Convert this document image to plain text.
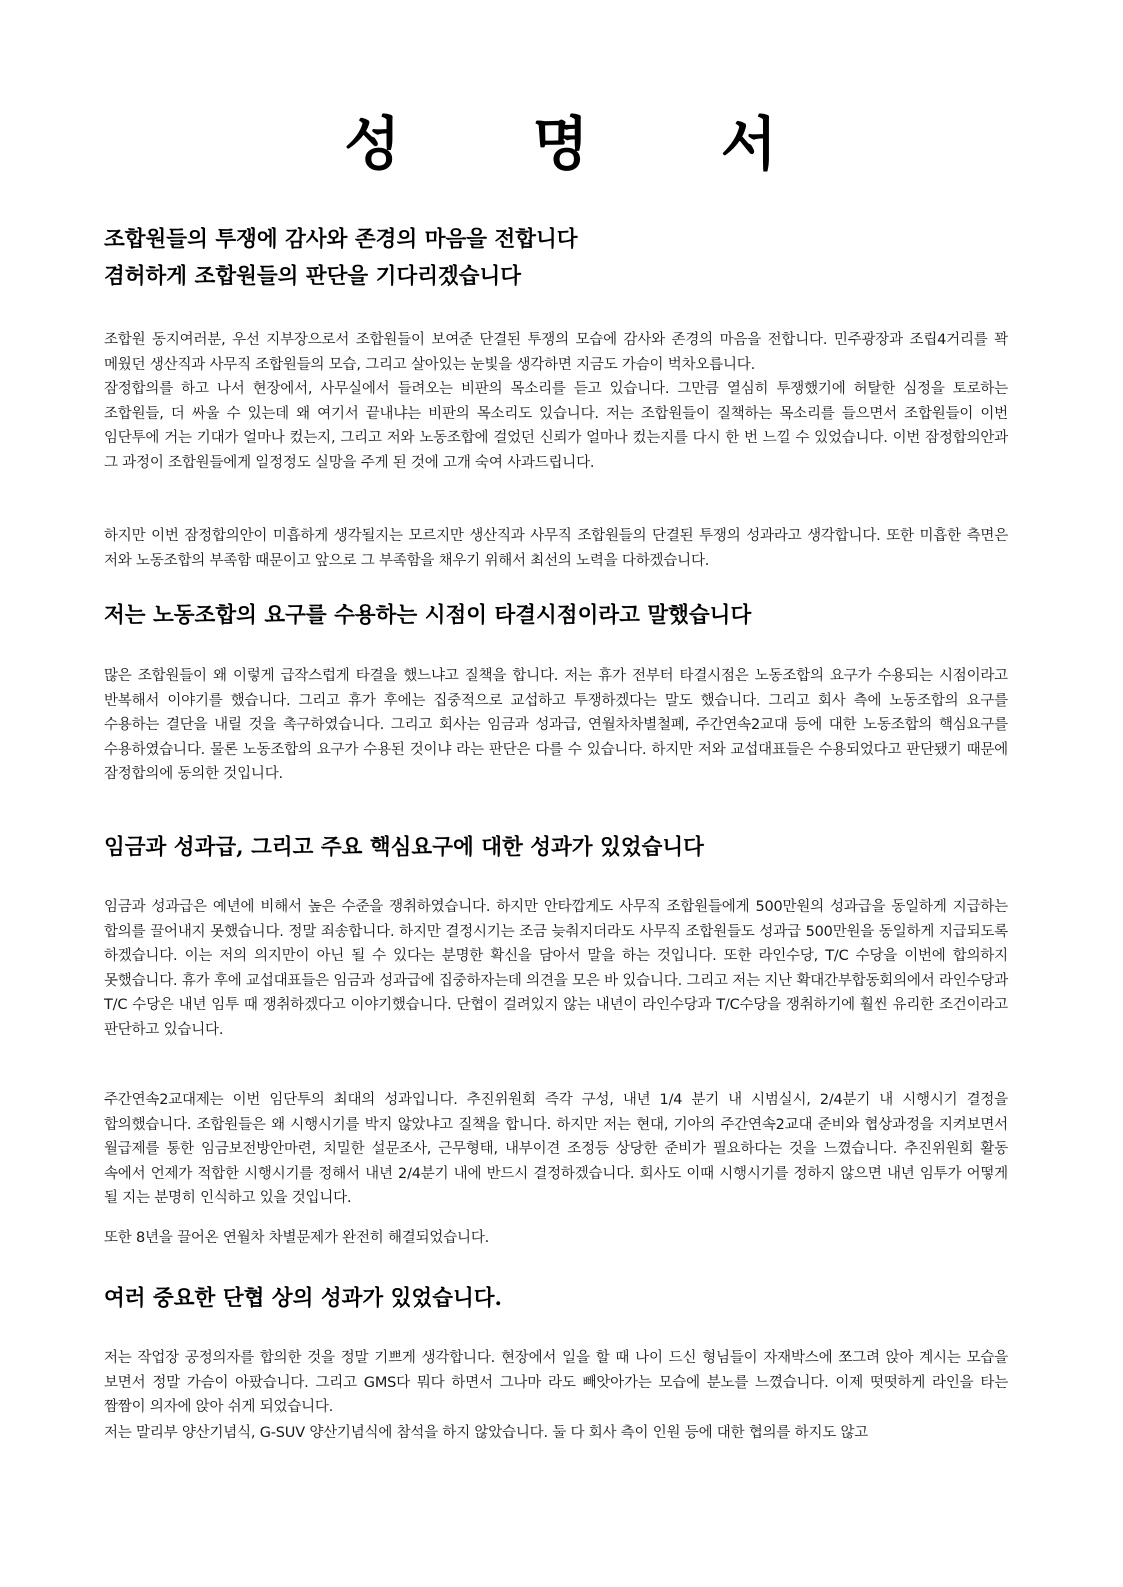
성 명 서
조합원들의 투쟁에 감사와 존경의 마음을 전합니다
겸허하게 조합원들의 판단을 기다리겠습니다

조합원 동지여러분, 우선 지부장으로서 조합원들이 보여준 단결된 투쟁의 모습에 감사와 존경의 마음을 전합니다. 민주광장과 조립4거리를 꽉 메웠던 생산직과 사무직 조합원들의 모습, 그리고 살아있는 눈빛을 생각하면 지금도 가슴이 벅차오릅니다.

잠정합의를 하고 나서 현장에서, 사무실에서 들려오는 비판의 목소리를 듣고 있습니다. 그만큼 열심히 투쟁했기에 허탈한 심정을 토로하는 조합원들, 더 싸울 수 있는데 왜 여기서 끝내냐는 비판의 목소리도 있습니다. 저는 조합원들이 질책하는 목소리를 들으면서 조합원들이 이번 임단투에 거는 기대가 얼마나 컸는지, 그리고 저와 노동조합에 걸었던 신뢰가 얼마나 컸는지를 다시 한 번 느낄 수 있었습니다. 이번 잠정합의안과 그 과정이 조합원들에게 일정정도 실망을 주게 된 것에 고개 숙여 사과드립니다.

하지만 이번 잠정합의안이 미흡하게 생각될지는 모르지만 생산직과 사무직 조합원들의 단결된 투쟁의 성과라고 생각합니다. 또한 미흡한 측면은 저와 노동조합의 부족함 때문이고 앞으로 그 부족함을 채우기 위해서 최선의 노력을 다하겠습니다.

저는 노동조합의 요구를 수용하는 시점이 타결시점이라고 말했습니다

많은 조합원들이 왜 이렇게 급작스럽게 타결을 했느냐고 질책을 합니다. 저는 휴가 전부터 타결시점은 노동조합의 요구가 수용되는 시점이라고 반복해서 이야기를 했습니다. 그리고 휴가 후에는 집중적으로 교섭하고 투쟁하겠다는 말도 했습니다. 그리고 회사 측에 노동조합의 요구를 수용하는 결단을 내릴 것을 촉구하였습니다. 그리고 회사는 임금과 성과급, 연월차차별철폐, 주간연속2교대 등에 대한 노동조합의 핵심요구를 수용하였습니다. 물론 노동조합의 요구가 수용된 것이냐 라는 판단은 다를 수 있습니다. 하지만 저와 교섭대표들은 수용되었다고 판단됐기 때문에 잠정합의에 동의한 것입니다.

임금과 성과급, 그리고 주요 핵심요구에 대한 성과가 있었습니다

임금과 성과급은 예년에 비해서 높은 수준을 쟁취하였습니다. 하지만 안타깝게도 사무직 조합원들에게 500만원의 성과급을 동일하게 지급하는 합의를 끌어내지 못했습니다. 정말 죄송합니다. 하지만 결정시기는 조금 늦춰지더라도 사무직 조합원들도 성과급 500만원을 동일하게 지급되도록 하겠습니다. 이는 저의 의지만이 아닌 될 수 있다는 분명한 확신을 담아서 말을 하는 것입니다. 또한 라인수당, T/C 수당을 이번에 합의하지 못했습니다. 휴가 후에 교섭대표들은 임금과 성과급에 집중하자는데 의견을 모은 바 있습니다. 그리고 저는 지난 확대간부합동회의에서 라인수당과 T/C 수당은 내년 임투 때 쟁취하겠다고 이야기했습니다. 단협이 걸려있지 않는 내년이 라인수당과 T/C수당을 쟁취하기에 훨씬 유리한 조건이라고 판단하고 있습니다.

주간연속2교대제는 이번 임단투의 최대의 성과입니다. 추진위원회 즉각 구성, 내년 1/4 분기 내 시범실시, 2/4분기 내 시행시기 결정을 합의했습니다. 조합원들은 왜 시행시기를 박지 않았냐고 질책을 합니다. 하지만 저는 현대, 기아의 주간연속2교대 준비와 협상과정을 지켜보면서 월급제를 통한 임금보전방안마련, 치밀한 설문조사, 근무형태, 내부이견 조정등 상당한 준비가 필요하다는 것을 느꼈습니다. 추진위원회 활동 속에서 언제가 적합한 시행시기를 정해서 내년 2/4분기 내에 반드시 결정하겠습니다. 회사도 이때 시행시기를 정하지 않으면 내년 임투가 어떻게 될 지는 분명히 인식하고 있을 것입니다.

또한 8년을 끌어온 연월차 차별문제가 완전히 해결되었습니다.

여러 중요한 단협 상의 성과가 있었습니다.

저는 작업장 공정의자를 합의한 것을 정말 기쁘게 생각합니다. 현장에서 일을 할 때 나이 드신 형님들이 자재박스에 쪼그려 앉아 계시는 모습을 보면서 정말 가슴이 아팠습니다. 그리고 GMS다 뭐다 하면서 그나마 라도 빼앗아가는 모습에 분노를 느꼈습니다. 이제 떳떳하게 라인을 타는 짬짬이 의자에 앉아 쉬게 되었습니다.

저는 말리부 양산기념식, G-SUV 양산기념식에 참석을 하지 않았습니다. 둘 다 회사 측이 인원 등에 대한 협의를 하지도 않고
